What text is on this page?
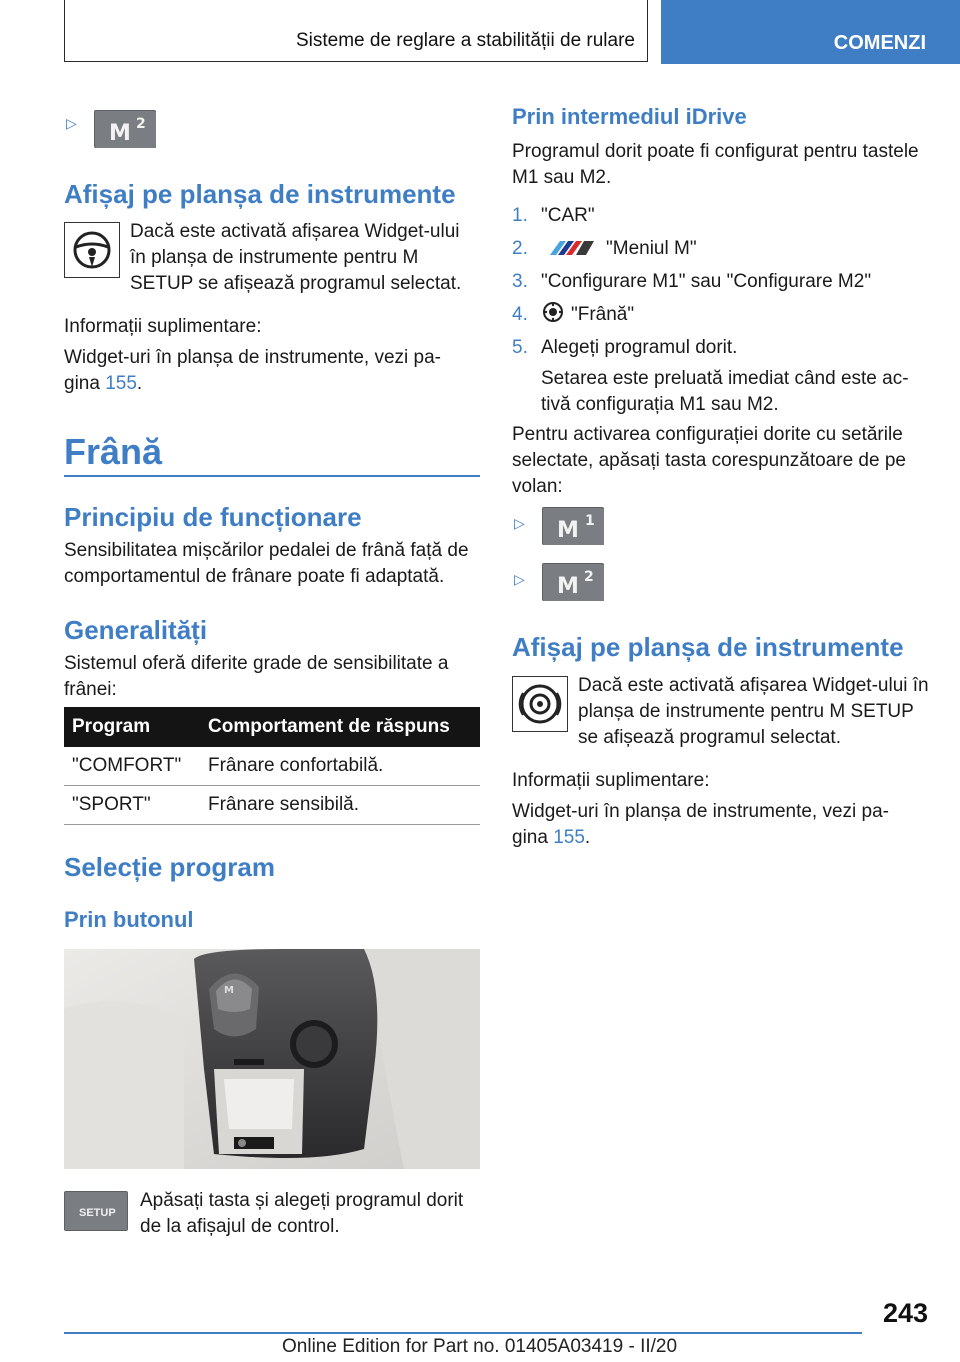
Sisteme de reglare a stabilității de rulare	COMENZI
▷ M 2
Afișaj pe planșa de instrumente

Dacă este activată afișarea Widget-ului în planșa de instrumente pentru M SETUP se afișează programul selectat.

Informații suplimentare:

Widget-uri în planșa de instrumente, vezi pa-gina 155.

Frână
Principiu de funcționare

Sensibilitatea mișcărilor pedalei de frână față de comportamentul de frânare poate fi adaptată.

Generalități

Sistemul oferă diferite grade de sensibilitate a frânei:

Program	Comportament de răspuns
"COMFORT"	Frânare confortabilă.
"SPORT"	Frânare sensibilă.
Selecție program
Prin butonul
M
SETUP

Apăsați tasta și alegeți programul dorit de la afișajul de control.

Prin intermediul iDrive

Programul dorit poate fi configurat pentru tastele M1 sau M2.

1. "CAR"
2.	"Meniul M"
3. "Configurare M1" sau "Configurare M2"
4. "Frână"
5. Alegeți programul dorit.

Setarea este preluată imediat când este ac-tivă configurația M1 sau M2.

Pentru activarea configurației dorite cu setările selectate, apăsați tasta corespunzătoare de pe volan:

▷ M 1
▷ M 2
Afișaj pe planșa de instrumente

Dacă este activată afișarea Widget-ului în planșa de instrumente pentru M SETUP se afișează programul selectat.

Informații suplimentare:

Widget-uri în planșa de instrumente, vezi pa-gina 155.

243
Online Edition for Part no. 01405A03419 - II/20
